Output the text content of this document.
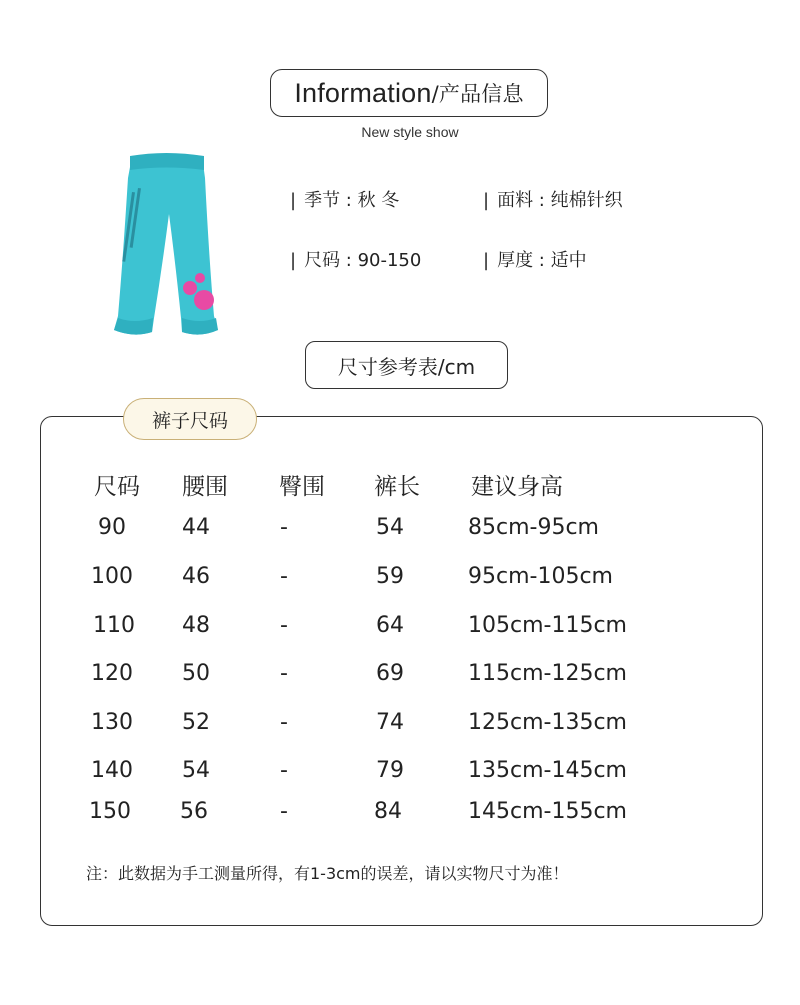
Information /产品信息
New style show
| 季节 : 秋 冬	| 面料 : 纯棉针织
| 尺码 : 90-150	| 厚度 : 适中
尺寸参考表/cm
裤子尺码
尺码 腰围 臀围 裤长 建议身高
90	44	-	54	85cm-95cm
100 46	-	59	95cm-105cm
110 48	-	64	105cm-115cm
120 50	-	69	115cm-125cm
130 52	-	74	125cm-135cm
140 54	-	79	135cm-145cm
150 56	-	84	145cm-155cm
注：此数据为手工测量所得，有1-3cm的误差，请以实物尺寸为准！
